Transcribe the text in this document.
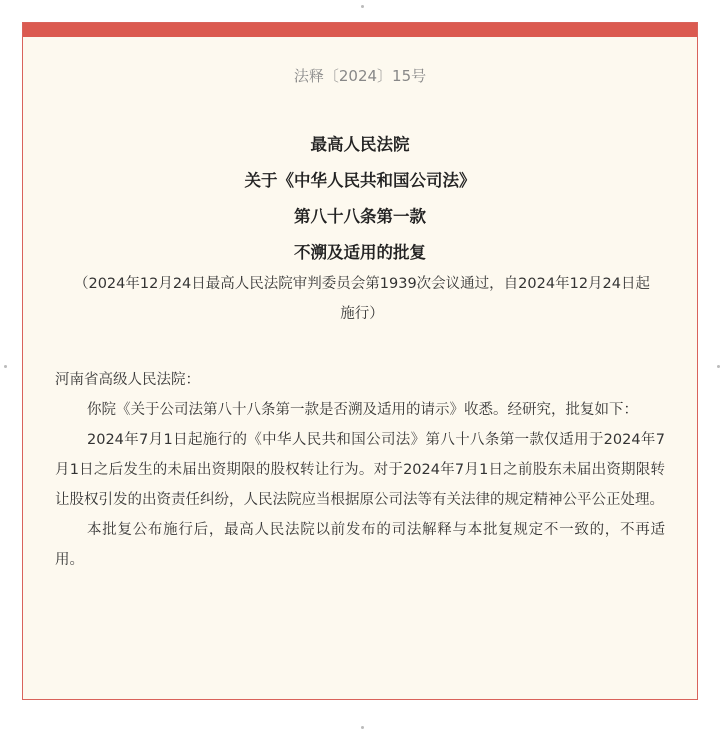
法释〔2024〕15号
最高人民法院
关于《中华人民共和国公司法》
第八十八条第一款
不溯及适用的批复
（2024年12月24日最高人民法院审判委员会第1939次会议通过，自2024年12月24日起施行）

河南省高级人民法院：

你院《关于公司法第八十八条第一款是否溯及适用的请示》收悉。经研究，批复如下：

2024年7月1日起施行的《中华人民共和国公司法》第八十八条第一款仅适用于2024年7月1日之后发生的未届出资期限的股权转让行为。对于2024年7月1日之前股东未届出资期限转让股权引发的出资责任纠纷，人民法院应当根据原公司法等有关法律的规定精神公平公正处理。

本批复公布施行后，最高人民法院以前发布的司法解释与本批复规定不一致的，不再适用。
